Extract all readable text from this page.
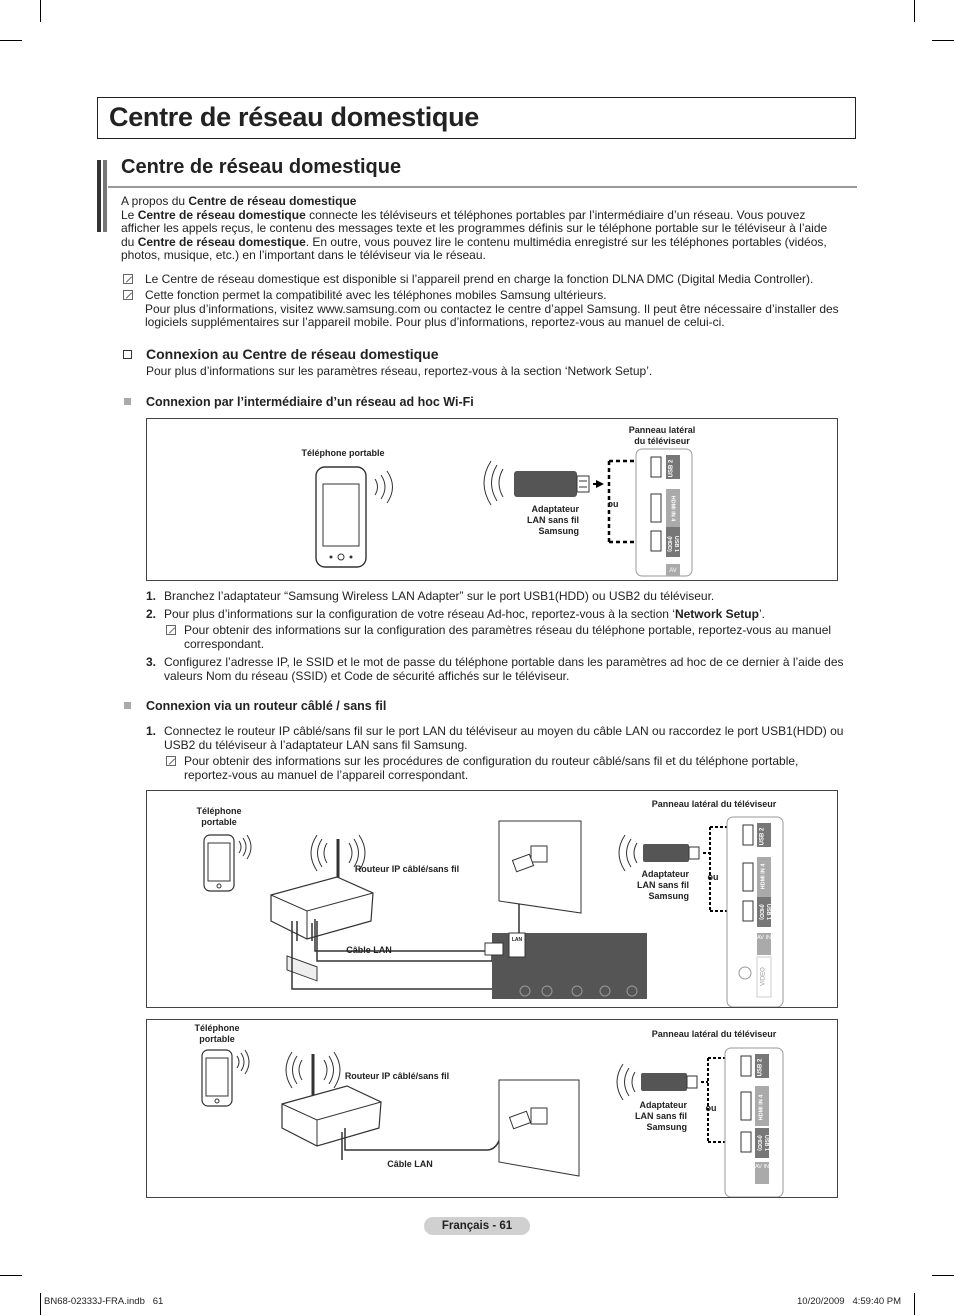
Centre de réseau domestique
Centre de réseau domestique
A propos du Centre de réseau domestique
Le Centre de réseau domestique connecte les téléviseurs et téléphones portables par l’intermédiaire d’un réseau. Vous pouvez
afficher les appels reçus, le contenu des messages texte et les programmes définis sur le téléphone portable sur le téléviseur à l’aide
du Centre de réseau domestique. En outre, vous pouvez lire le contenu multimédia enregistré sur les téléphones portables (vidéos,
photos, musique, etc.) en l’important dans le téléviseur via le réseau.
Le Centre de réseau domestique est disponible si l’appareil prend en charge la fonction DLNA DMC (Digital Media Controller).
Cette fonction permet la compatibilité avec les téléphones mobiles Samsung ultérieurs.
Pour plus d’informations, visitez www.samsung.com ou contactez le centre d’appel Samsung. Il peut être nécessaire d’installer des
logiciels supplémentaires sur l’appareil mobile. Pour plus d’informations, reportez-vous au manuel de celui-ci.
Connexion au Centre de réseau domestique
Pour plus d’informations sur les paramètres réseau, reportez-vous à la section ‘Network Setup’.
Connexion par l’intermédiaire d’un réseau ad hoc Wi-Fi
Téléphone portable
Panneau latéral
du téléviseur
Adaptateur
LAN sans fil
Samsung
ou
USB 2
HDMI IN 4
USB 1
(HDD)
AV
1. Branchez l’adaptateur “Samsung Wireless LAN Adapter” sur le port USB1(HDD) ou USB2 du téléviseur.
2. Pour plus d’informations sur la configuration de votre réseau Ad-hoc, reportez-vous à la section ‘Network Setup’.
Pour obtenir des informations sur la configuration des paramètres réseau du téléphone portable, reportez-vous au manuel
correspondant.
3. Configurez l’adresse IP, le SSID et le mot de passe du téléphone portable dans les paramètres ad hoc de ce dernier à l’aide des
valeurs Nom du réseau (SSID) et Code de sécurité affichés sur le téléviseur.
Connexion via un routeur câblé / sans fil
1. Connectez le routeur IP câblé/sans fil sur le port LAN du téléviseur au moyen du câble LAN ou raccordez le port USB1(HDD) ou
USB2 du téléviseur à l’adaptateur LAN sans fil Samsung.
Pour obtenir des informations sur les procédures de configuration du routeur câblé/sans fil et du téléphone portable,
reportez-vous au manuel de l’appareil correspondant.
Téléphone
portable
Routeur IP câblé/sans fil
Câble LAN
Panneau latéral du téléviseur
Adaptateur
LAN sans fil
Samsung
ou
LAN
USB 2
HDMI IN 4
USB 1
(HDD)
AV IN
VIDEO
Téléphone
portable
Routeur IP câblé/sans fil
Câble LAN
Panneau latéral du téléviseur
Adaptateur
LAN sans fil
Samsung
ou
USB 2
HDMI IN 4
USB 1
(HDD)
AV IN
Français - 61
BN68-02333J-FRA.indb   61	10/20/2009   4:59:40 PM
